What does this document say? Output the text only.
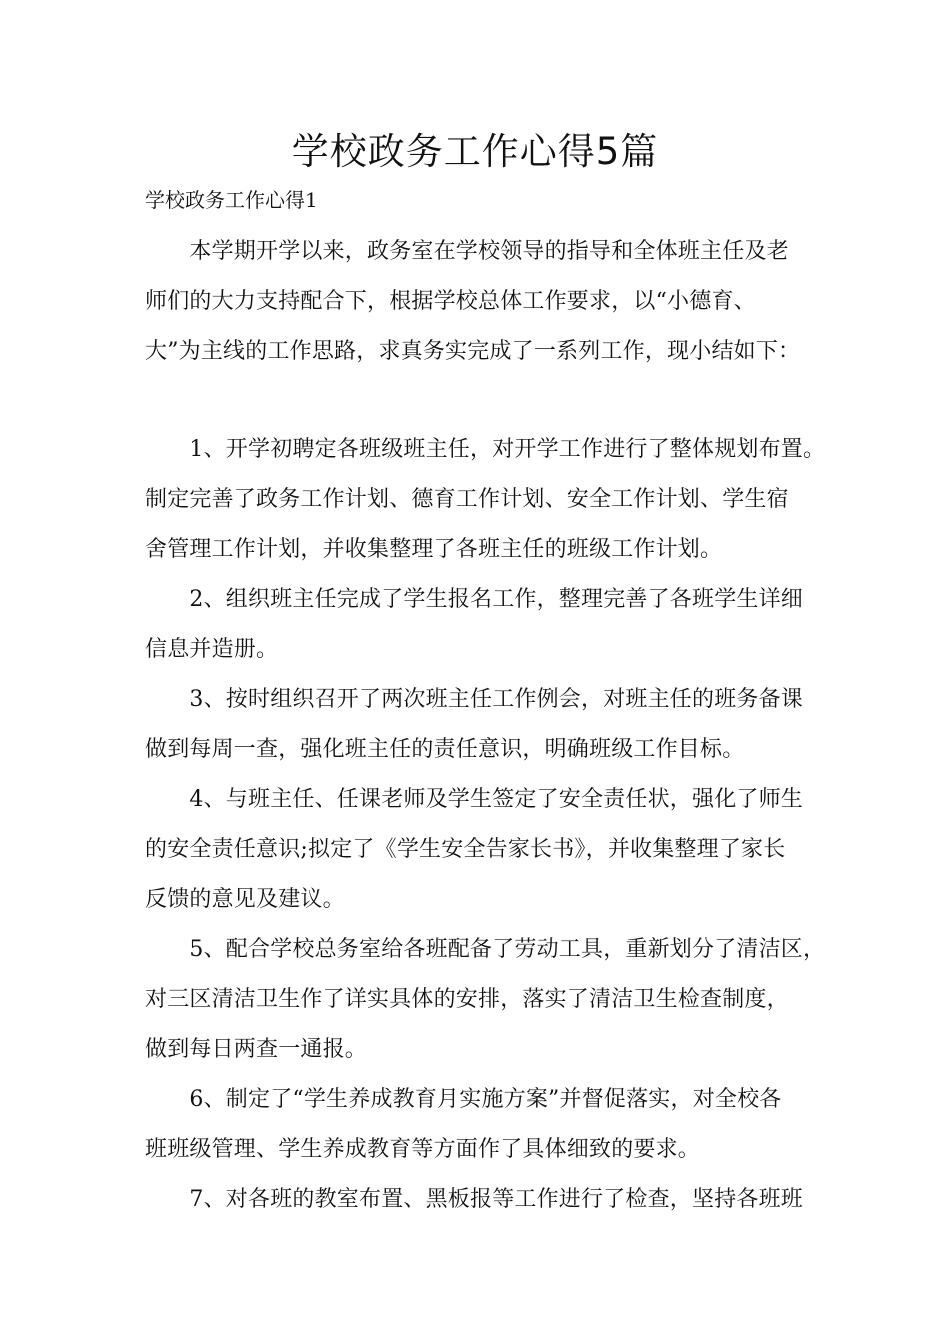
学校政务工作心得5篇
学校政务工作心得1
　　本学期开学以来，政务室在学校领导的指导和全体班主任及老
师们的大力支持配合下，根据学校总体工作要求，以“小德育、
大”为主线的工作思路，求真务实完成了一系列工作，现小结如下：
　　1、开学初聘定各班级班主任，对开学工作进行了整体规划布置。
制定完善了政务工作计划、德育工作计划、安全工作计划、学生宿
舍管理工作计划，并收集整理了各班主任的班级工作计划。
　　2、组织班主任完成了学生报名工作，整理完善了各班学生详细
信息并造册。
　　3、按时组织召开了两次班主任工作例会，对班主任的班务备课
做到每周一查，强化班主任的责任意识，明确班级工作目标。
　　4、与班主任、任课老师及学生签定了安全责任状，强化了师生
的安全责任意识;拟定了《学生安全告家长书》，并收集整理了家长
反馈的意见及建议。
　　5、配合学校总务室给各班配备了劳动工具，重新划分了清洁区，
对三区清洁卫生作了详实具体的安排，落实了清洁卫生检查制度，
做到每日两查一通报。
　　6、制定了“学生养成教育月实施方案”并督促落实，对全校各
班班级管理、学生养成教育等方面作了具体细致的要求。
　　7、对各班的教室布置、黑板报等工作进行了检查，坚持各班班
